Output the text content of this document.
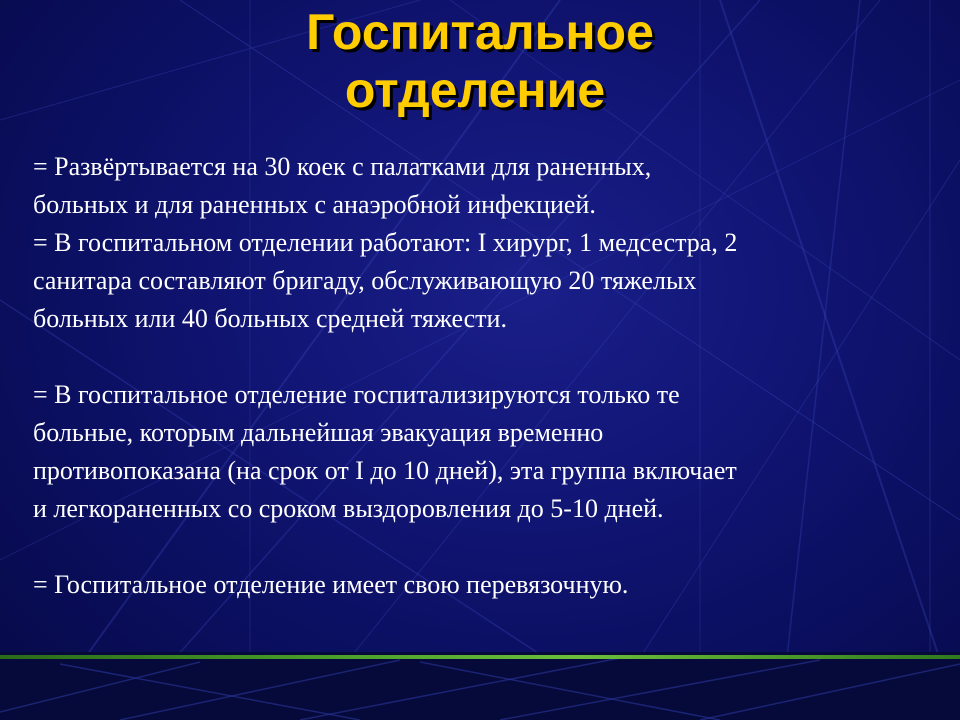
Госпитальное
отделение
= Развёртывается на 30 коек с палатками для раненных,
больных и для раненных с анаэробной инфекцией.
= В госпитальном отделении работают: I хирург, 1 медсестра, 2
санитара составляют бригаду, обслуживающую 20 тяжелых
больных или 40 больных средней тяжести.
= В госпитальное отделение госпитализируются только те
больные, которым дальнейшая эвакуация временно
противопоказана (на срок от I до 10 дней), эта группа включает
и легкораненных со сроком выздоровления до 5-10 дней.
= Госпитальное отделение имеет свою перевязочную.
